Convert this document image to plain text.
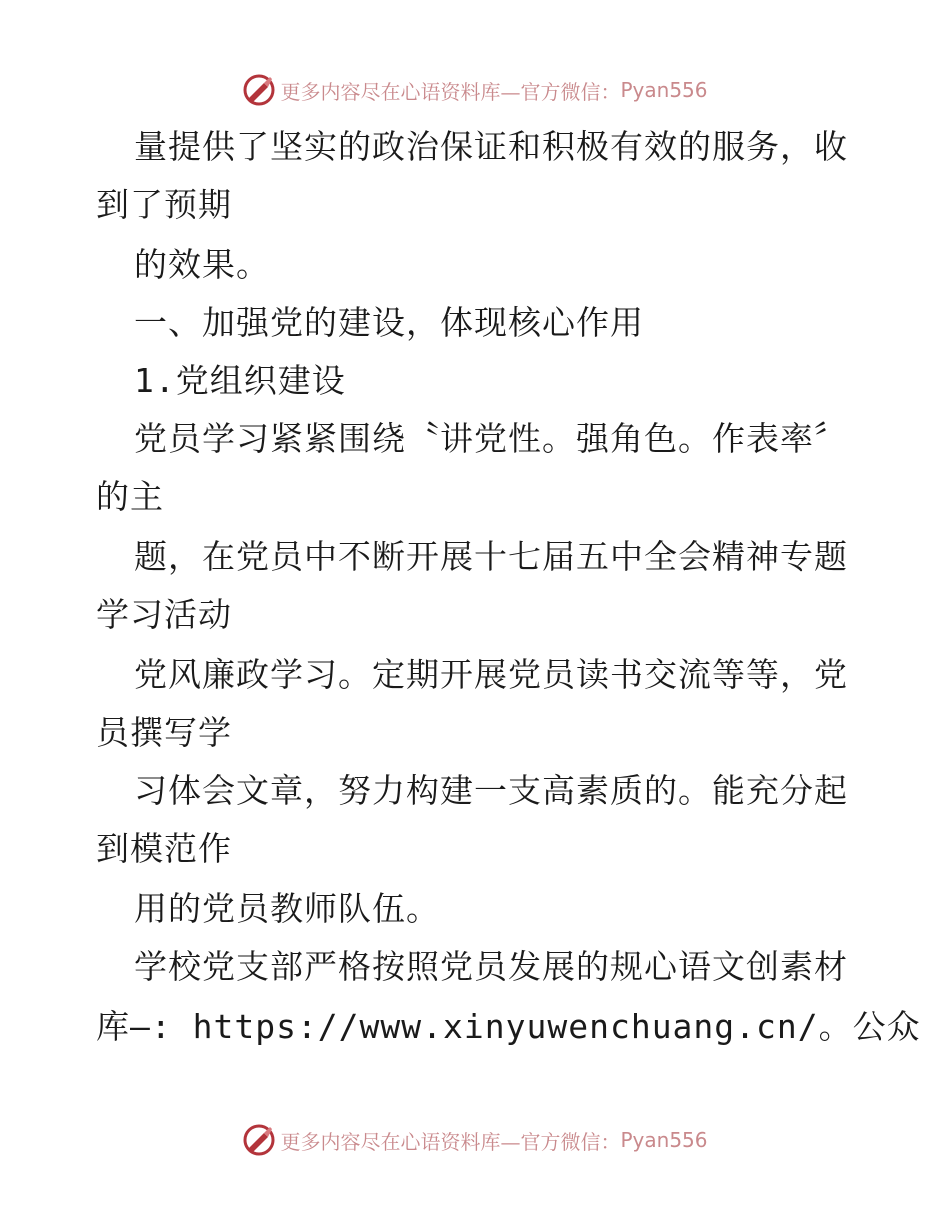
更多内容尽在心语资料库—官方微信： Pyan556
量提供了坚实的政治保证和积极有效的服务，收
到了预期
的效果。
一、加强党的建设，体现核心作用
1.党组织建设
党员学习紧紧围绕〝讲党性。强角色。作表率〞
的主
题，在党员中不断开展十七届五中全会精神专题
学习活动
党风廉政学习。定期开展党员读书交流等等，党
员撰写学
习体会文章，努力构建一支高素质的。能充分起
到模范作
用的党员教师队伍。
学校党支部严格按照党员发展的规心语文创素材
库—: https://www.xinyuwenchuang.cn/。公众
更多内容尽在心语资料库—官方微信： Pyan556
